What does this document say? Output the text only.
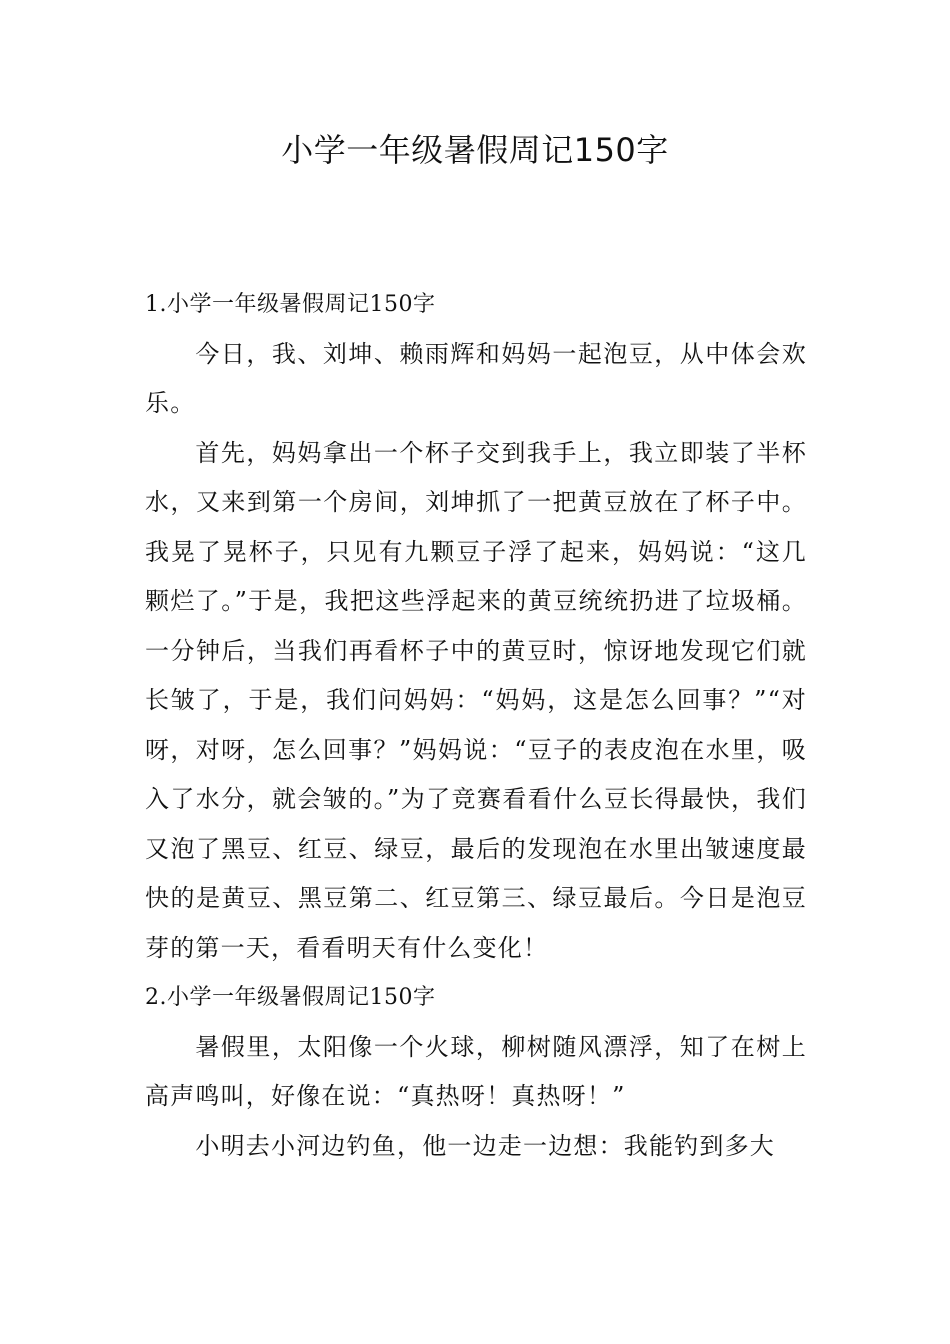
小学一年级暑假周记150字

1.小学一年级暑假周记150字

今日，我、刘坤、赖雨辉和妈妈一起泡豆，从中体会欢乐。

首先，妈妈拿出一个杯子交到我手上，我立即装了半杯水，又来到第一个房间，刘坤抓了一把黄豆放在了杯子中。我晃了晃杯子，只见有九颗豆子浮了起来，妈妈说：“这几颗烂了。”于是，我把这些浮起来的黄豆统统扔进了垃圾桶。一分钟后，当我们再看杯子中的黄豆时，惊讶地发现它们就长皱了，于是，我们问妈妈：“妈妈，这是怎么回事？”“对呀，对呀，怎么回事？”妈妈说：“豆子的表皮泡在水里，吸入了水分，就会皱的。”为了竞赛看看什么豆长得最快，我们又泡了黑豆、红豆、绿豆，最后的发现泡在水里出皱速度最快的是黄豆、黑豆第二、红豆第三、绿豆最后。今日是泡豆芽的第一天，看看明天有什么变化！

2.小学一年级暑假周记150字

暑假里，太阳像一个火球，柳树随风漂浮，知了在树上高声鸣叫，好像在说：“真热呀！真热呀！”

小明去小河边钓鱼，他一边走一边想：我能钓到多大
